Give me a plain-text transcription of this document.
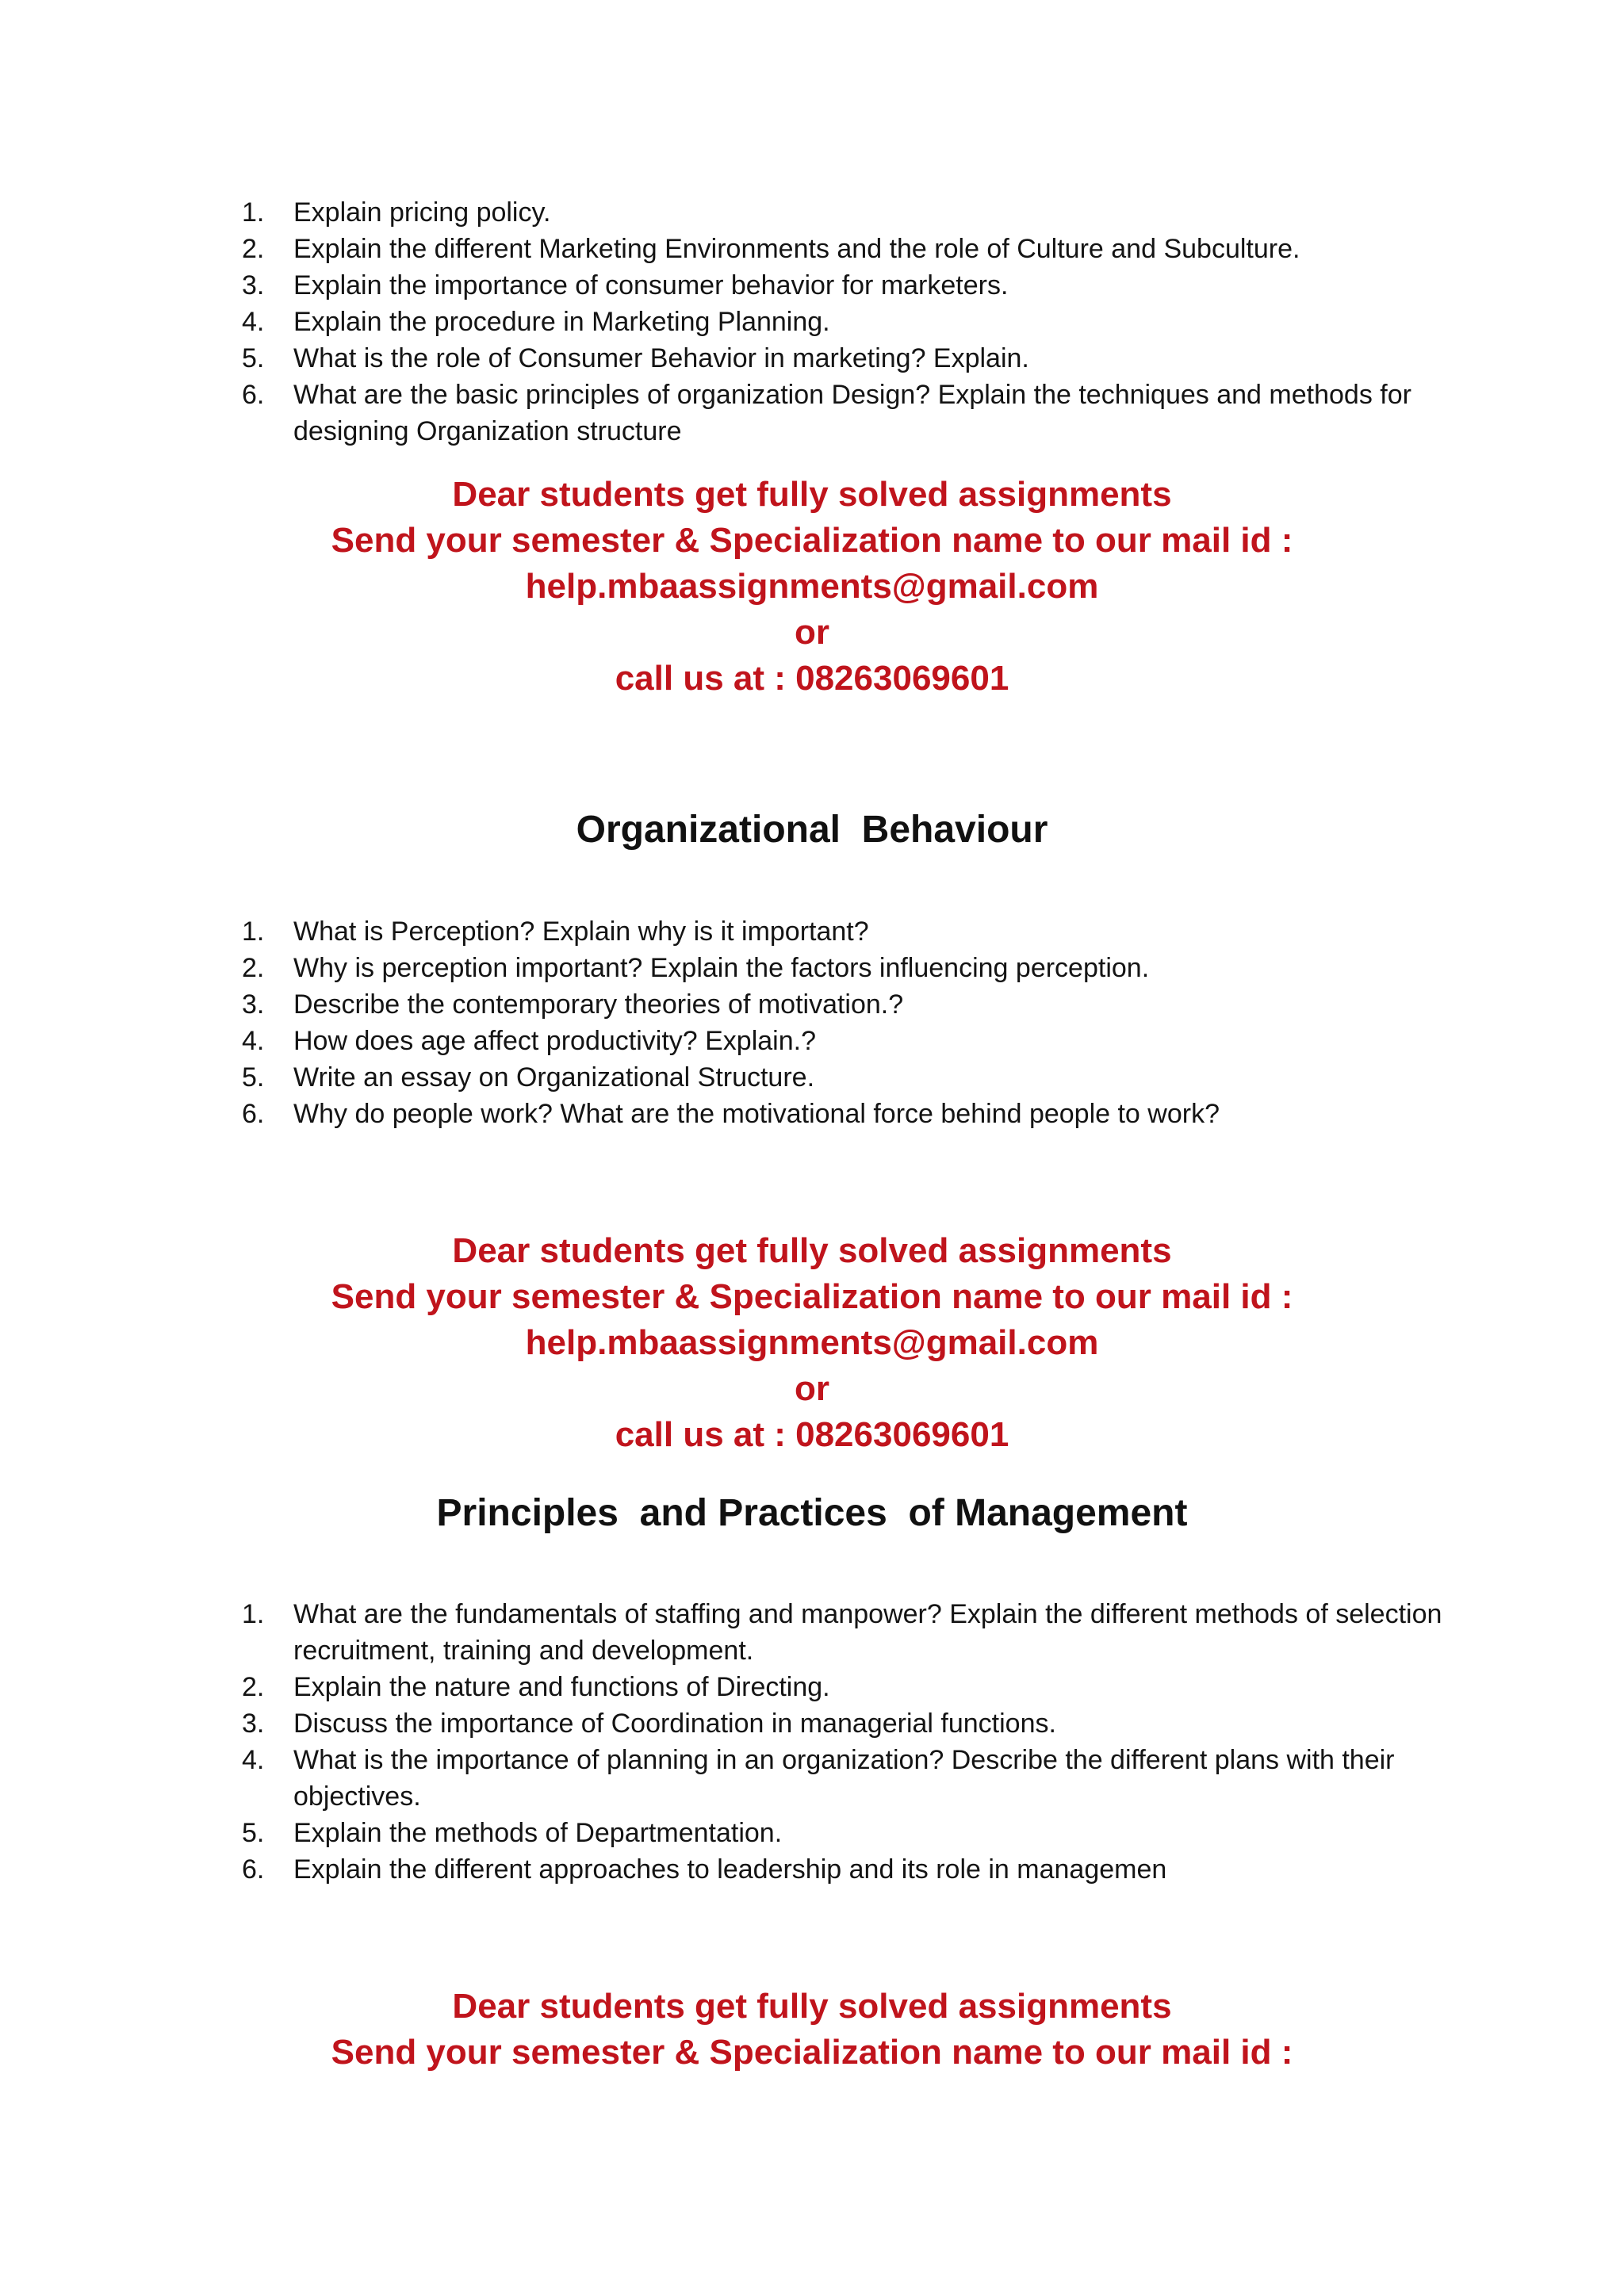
1.	Explain pricing policy.
2.	Explain the different Marketing Environments and the role of Culture and Subculture.
3.	Explain the importance of consumer behavior for marketers.
4.	Explain the procedure in Marketing Planning.
5.	What is the role of Consumer Behavior in marketing? Explain.
6.	What are the basic principles of organization Design? Explain the techniques and methods for designing Organization structure
Dear students get fully solved assignments
Send your semester & Specialization name to our mail id :
help.mbaassignments@gmail.com
or
call us at : 08263069601
Organizational  Behaviour
1.	What is Perception? Explain why is it important?
2.	Why is perception important? Explain the factors influencing perception.
3.	Describe the contemporary theories of motivation.?
4.	How does age affect productivity? Explain.?
5.	Write an essay on Organizational Structure.
6.	Why do people work? What are the motivational force behind people to work?
Dear students get fully solved assignments
Send your semester & Specialization name to our mail id :
help.mbaassignments@gmail.com
or
call us at : 08263069601
Principles  and Practices  of Management
1.	What are the fundamentals of staffing and manpower? Explain the different methods of selection recruitment, training and development.
2.	Explain the nature and functions of Directing.
3.	Discuss the importance of Coordination in managerial functions.
4.	What is the importance of planning in an organization? Describe the different plans with their objectives.
5.	Explain the methods of Departmentation.
6.	Explain the different approaches to leadership and its role in managemen
Dear students get fully solved assignments
Send your semester & Specialization name to our mail id :
